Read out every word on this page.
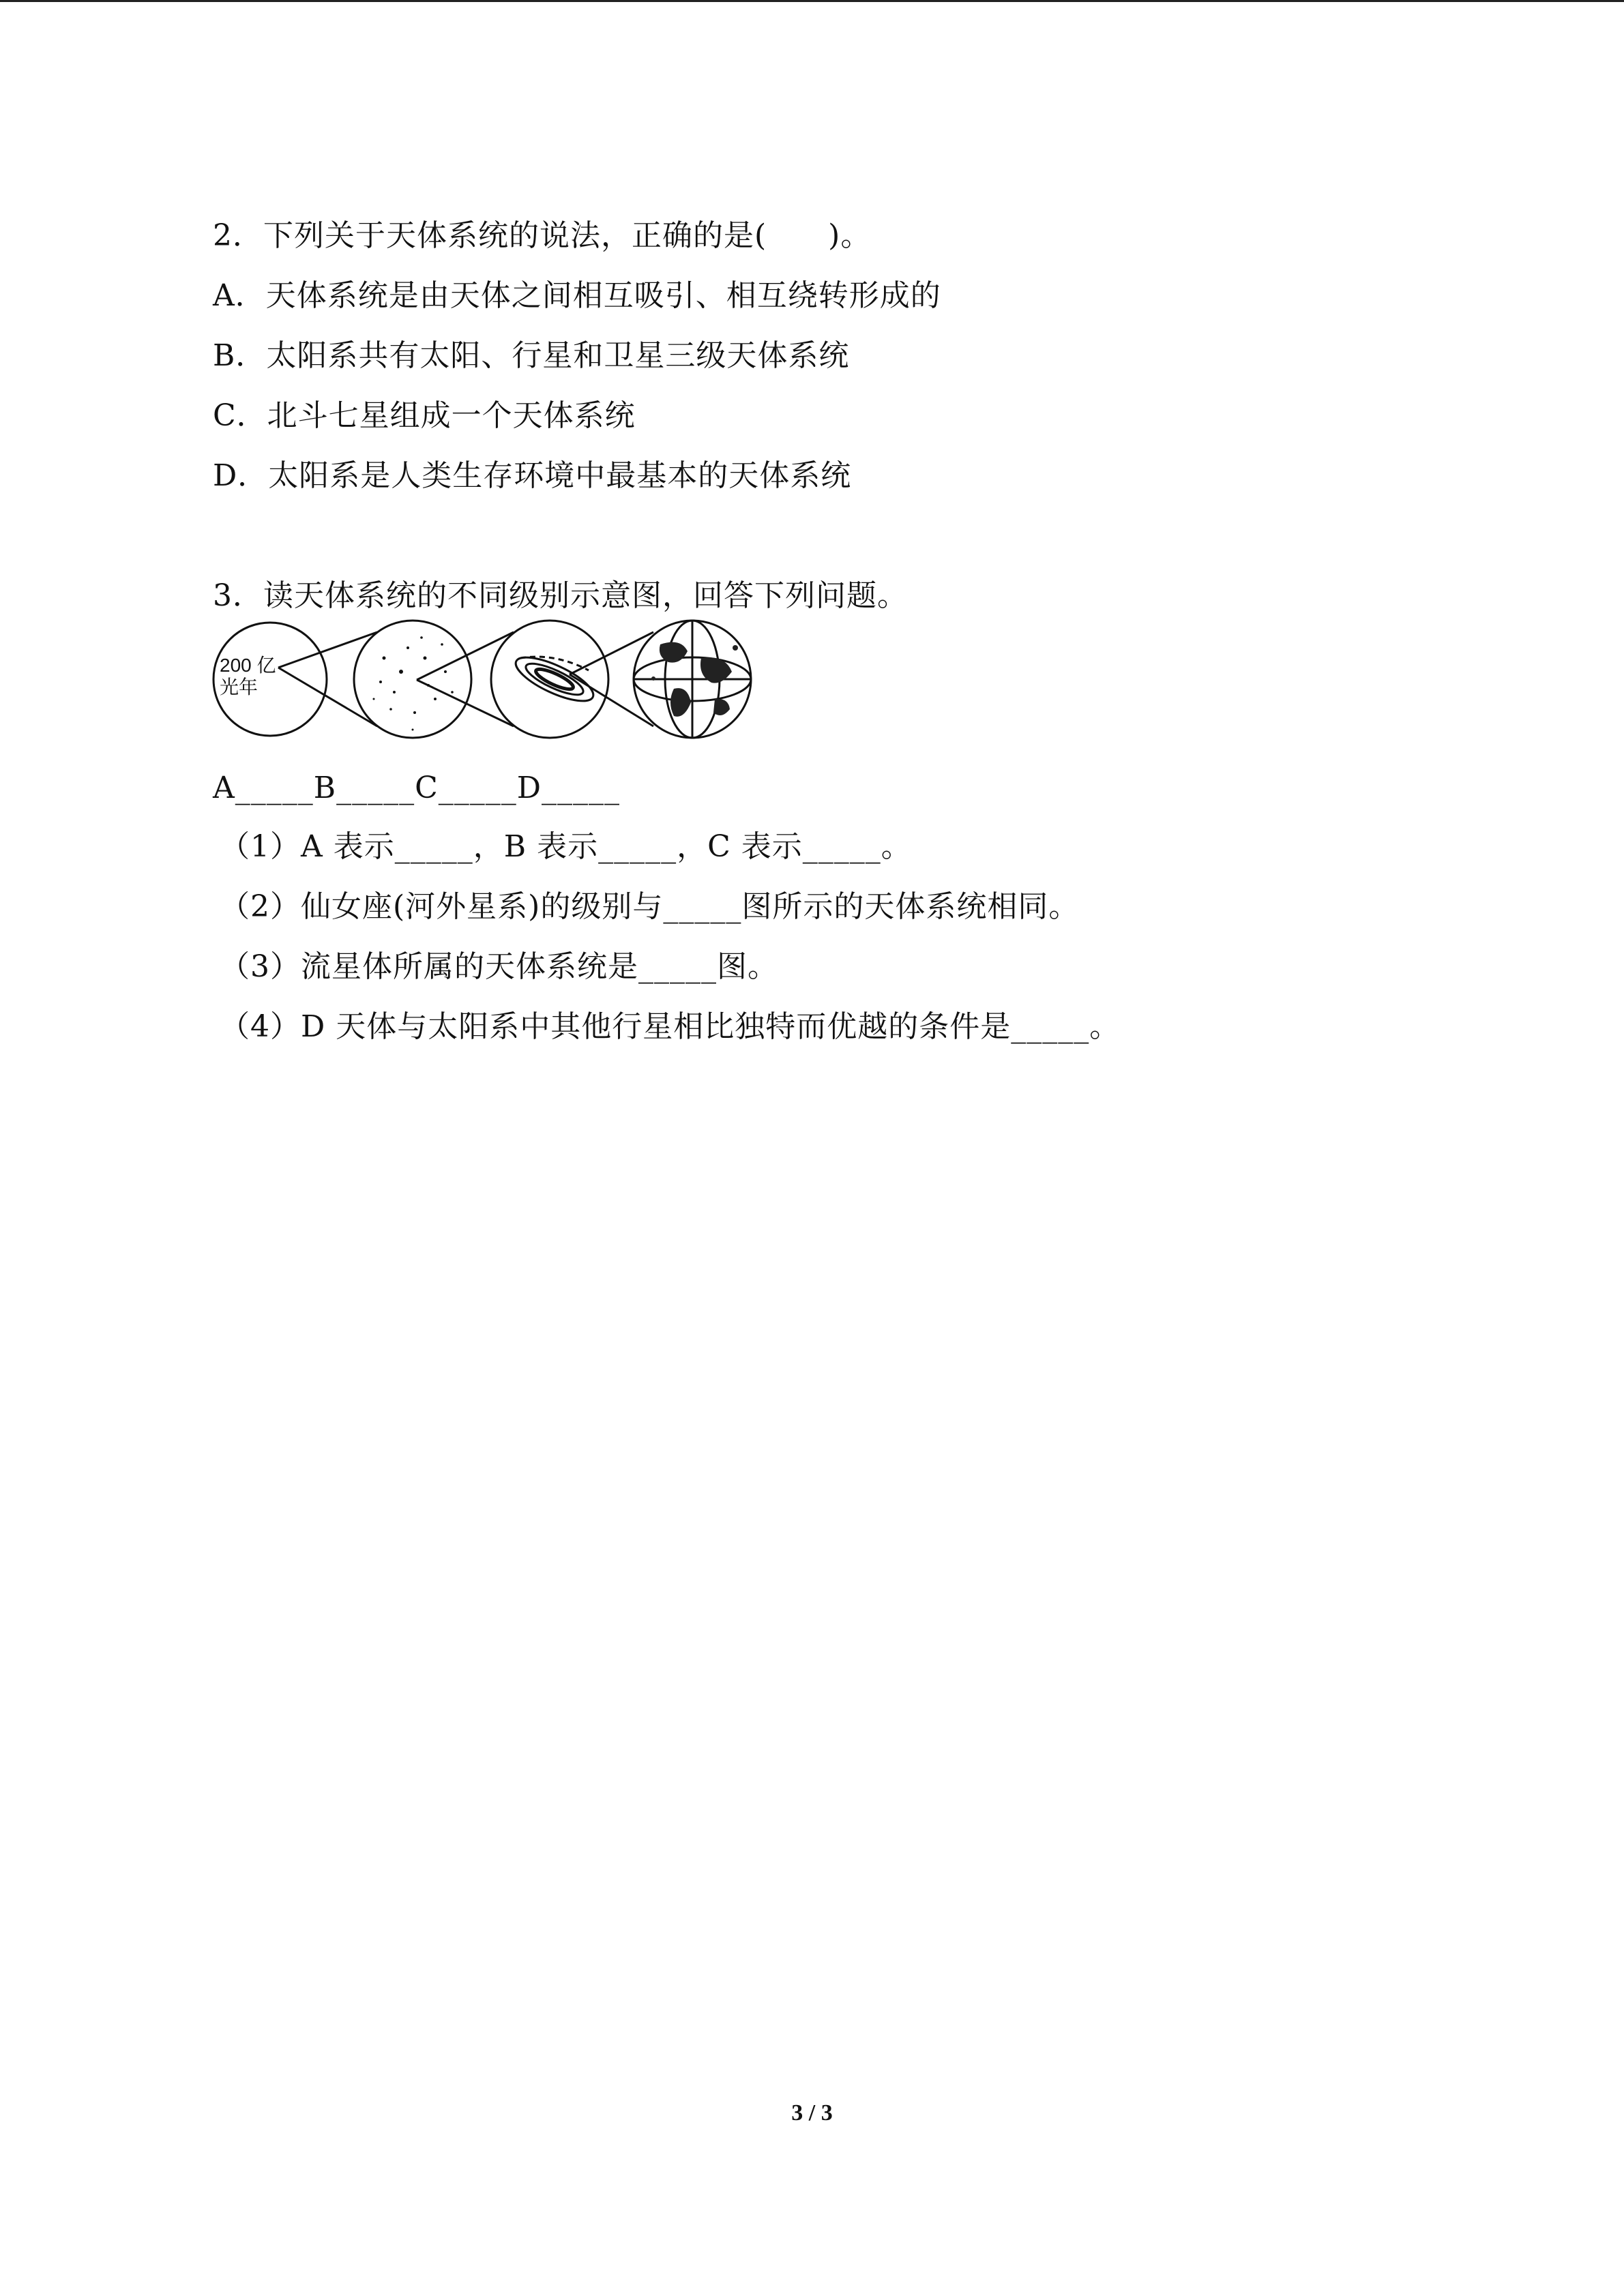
2．下列关于天体系统的说法，正确的是(　　)。
A．天体系统是由天体之间相互吸引、相互绕转形成的
B．太阳系共有太阳、行星和卫星三级天体系统
C．北斗七星组成一个天体系统
D．太阳系是人类生存环境中最基本的天体系统
3．读天体系统的不同级别示意图，回答下列问题。
200 亿
光年
A_____B_____C_____D_____
（1）A 表示_____，B 表示_____，C 表示_____。
（2）仙女座(河外星系)的级别与_____图所示的天体系统相同。
（3）流星体所属的天体系统是_____图。
（4）D 天体与太阳系中其他行星相比独特而优越的条件是_____。
3 / 3
